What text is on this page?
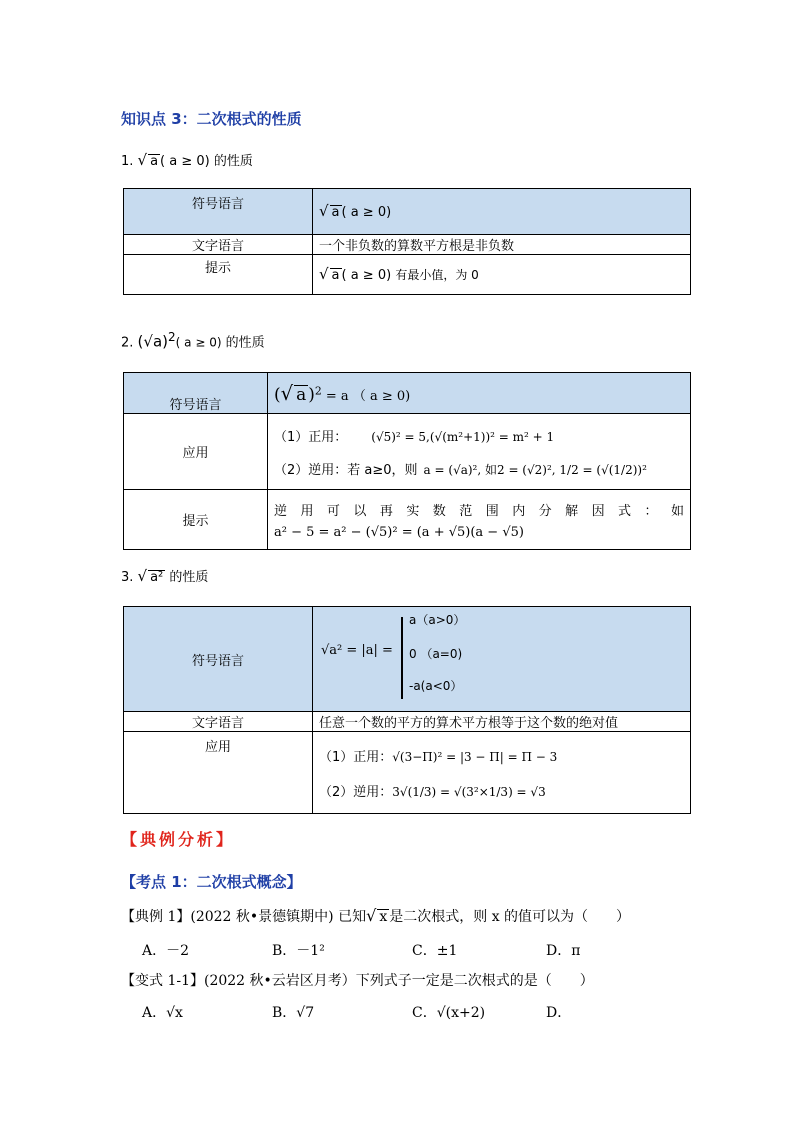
知识点 3：二次根式的性质
1. √ a ( a ≥ 0) 的性质
符号语言	√ a ( a ≥ 0)
文字语言	一个非负数的算数平方根是非负数
提示	√ a ( a ≥ 0) 有最小值，为 0
2. $(√a)^2$( a ≥ 0) 的性质
符号语言	(√ a )$^2$ = a （ a ≥ 0)
应用	（1）正用： (√5)² = 5,(√(m²+1))² = m² + 1
（2）逆用：若 a≥0，则 a = (√a)², 如2 = (√2)², 1/2 = (√(1/2))²

提示	逆用可以再实数范围内分解因式：如
a² − 5 = a² − (√5)² = (a + √5)(a − √5)
3. √ a² 的性质
符号语言	√a² = |a| =
a（a>0）
0 （a=0)
-a(a<0）

文字语言	任意一个数的平方的算术平方根等于这个数的绝对值
应用	（1）正用：√(3−Π)² = |3 − Π| = Π − 3
（2）逆用：3√(1/3) = √(3²×1/3) = √3
【典例分析】
【考点 1：二次根式概念】
【典例 1】(2022 秋•景德镇期中) 已知√ x 是二次根式，则 x 的值可以为（　　）
A．－2	B．－1²	C．±1	D．π
【变式 1-1】(2022 秋•云岩区月考）下列式子一定是二次根式的是（　　）
A．√x	B．√7	C．√(x+2)	D．
